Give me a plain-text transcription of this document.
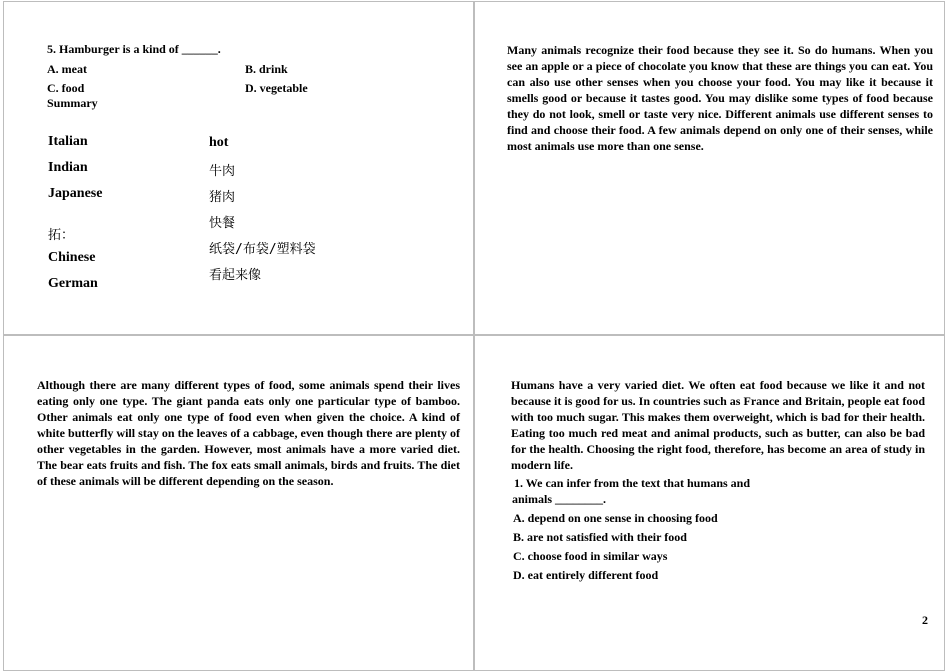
5. Hamburger is a kind of ______.
A. meat	B. drink
C. food	D. vegetable
Summary
Italian
Indian
Japanese
拓：
Chinese
German
hot
牛肉
猪肉
快餐
纸袋/布袋/塑料袋
看起来像
Many animals recognize their food because they see it. So do humans. When you see an apple or a piece of chocolate you know that these are things you can eat. You can also use other senses when you choose your food. You may like it because it smells good or because it tastes good. You may dislike some types of food because they do not look, smell or taste very nice. Different animals use different senses to find and choose their food. A few animals depend on only one of their senses, while most animals use more than one sense.
Although there are many different types of food, some animals spend their lives eating only one type. The giant panda eats only one particular type of bamboo. Other animals eat only one type of food even when given the choice. A kind of white butterfly will stay on the leaves of a cabbage, even though there are plenty of other vegetables in the garden. However, most animals have a more varied diet. The bear eats fruits and fish. The fox eats small animals, birds and fruits. The diet of these animals will be different depending on the season.
Humans have a very varied diet. We often eat food because we like it and not because it is good for us. In countries such as France and Britain, people eat food with too much sugar. This makes them overweight, which is bad for their health. Eating too much red meat and animal products, such as butter, can also be bad for the health. Choosing the right food, therefore, has become an area of study in modern life.
1. We can infer from the text that humans and
animals ________.
A. depend on one sense in choosing food
B. are not satisfied with their food
C. choose food in similar ways
D. eat entirely different food
2
